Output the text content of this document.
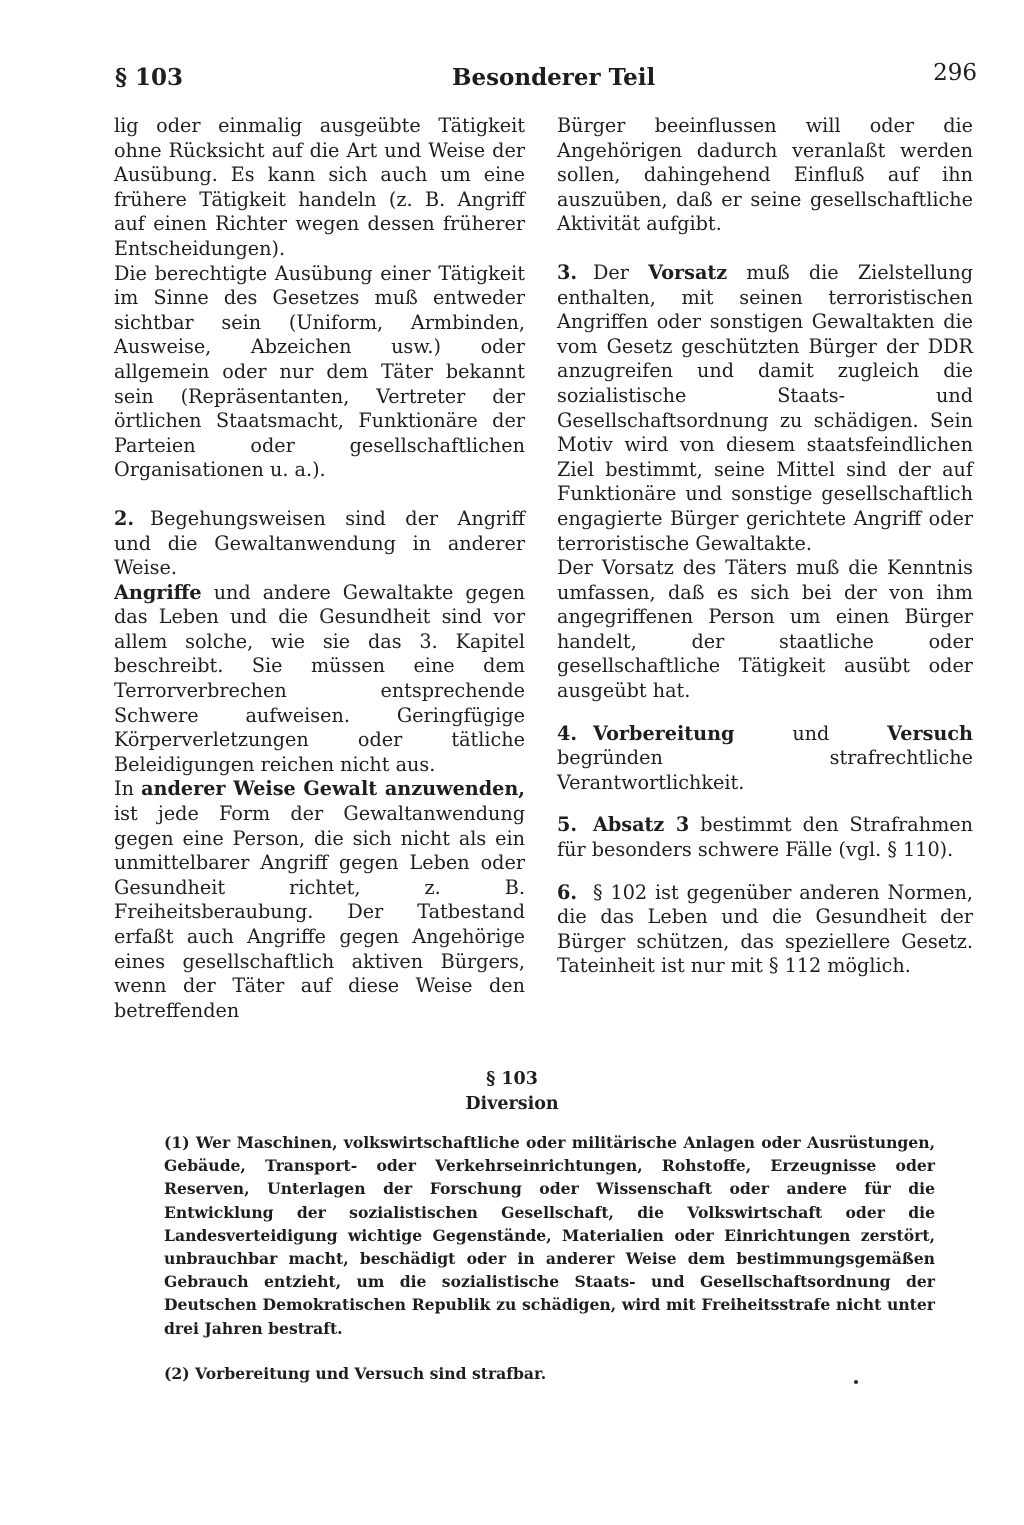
§ 103	Besonderer Teil	296

lig oder einmalig ausgeübte Tätigkeit ohne Rücksicht auf die Art und Weise der Ausübung. Es kann sich auch um eine frühere Tätigkeit handeln (z. B. Angriff auf einen Richter wegen dessen früherer Entscheidungen).

Die berechtigte Ausübung einer Tätigkeit im Sinne des Gesetzes muß entweder sichtbar sein (Uniform, Armbinden, Ausweise, Abzeichen usw.) oder allgemein oder nur dem Täter bekannt sein (Repräsentanten, Vertreter der örtlichen Staatsmacht, Funktionäre der Parteien oder gesellschaftlichen Organisationen u. a.).

2. Begehungsweisen sind der Angriff und die Gewaltanwendung in anderer Weise.

Angriffe und andere Gewaltakte gegen das Leben und die Gesundheit sind vor allem solche, wie sie das 3. Kapitel beschreibt. Sie müssen eine dem Terrorverbrechen entsprechende Schwere aufweisen. Geringfügige Körperverletzungen oder tätliche Beleidigungen reichen nicht aus.

In anderer Weise Gewalt anzuwenden, ist jede Form der Gewaltanwendung gegen eine Person, die sich nicht als ein unmittelbarer Angriff gegen Leben oder Gesundheit richtet, z. B. Freiheitsberaubung. Der Tatbestand erfaßt auch Angriffe gegen Angehörige eines gesellschaftlich aktiven Bürgers, wenn der Täter auf diese Weise den betreffenden

Bürger beeinflussen will oder die Angehörigen dadurch veranlaßt werden sollen, dahingehend Einfluß auf ihn auszuüben, daß er seine gesellschaftliche Aktivität aufgibt.

3. Der Vorsatz muß die Zielstellung enthalten, mit seinen terroristischen Angriffen oder sonstigen Gewaltakten die vom Gesetz geschützten Bürger der DDR anzugreifen und damit zugleich die sozialistische Staats- und Gesellschaftsordnung zu schädigen. Sein Motiv wird von diesem staatsfeindlichen Ziel bestimmt, seine Mittel sind der auf Funktionäre und sonstige gesellschaftlich engagierte Bürger gerichtete Angriff oder terroristische Gewaltakte.

Der Vorsatz des Täters muß die Kenntnis umfassen, daß es sich bei der von ihm angegriffenen Person um einen Bürger handelt, der staatliche oder gesellschaftliche Tätigkeit ausübt oder ausgeübt hat.

4. Vorbereitung	und	Versuch begründen strafrechtliche Verantwortlichkeit.

5. Absatz 3 bestimmt den Strafrahmen für besonders schwere Fälle (vgl. § 110).

6. § 102 ist gegenüber anderen Normen, die das Leben und die Gesundheit der Bürger schützen, das speziellere Gesetz. Tateinheit ist nur mit § 112 möglich.

§ 103
Diversion

(1) Wer Maschinen, volkswirtschaftliche oder militärische Anlagen oder Ausrüstungen, Gebäude, Transport- oder Verkehrseinrichtungen, Rohstoffe, Erzeugnisse oder Reserven, Unterlagen der Forschung oder Wissenschaft oder andere für die Entwicklung der sozialistischen Gesellschaft, die Volkswirtschaft oder die Landesverteidigung wichtige Gegenstände, Materialien oder Einrichtungen zerstört, unbrauchbar macht, beschädigt oder in anderer Weise dem bestimmungsgemäßen Gebrauch entzieht, um die sozialistische Staats- und Gesellschaftsordnung der Deutschen Demokratischen Republik zu schädigen, wird mit Freiheitsstrafe nicht unter drei Jahren bestraft.

(2) Vorbereitung und Versuch sind strafbar.
